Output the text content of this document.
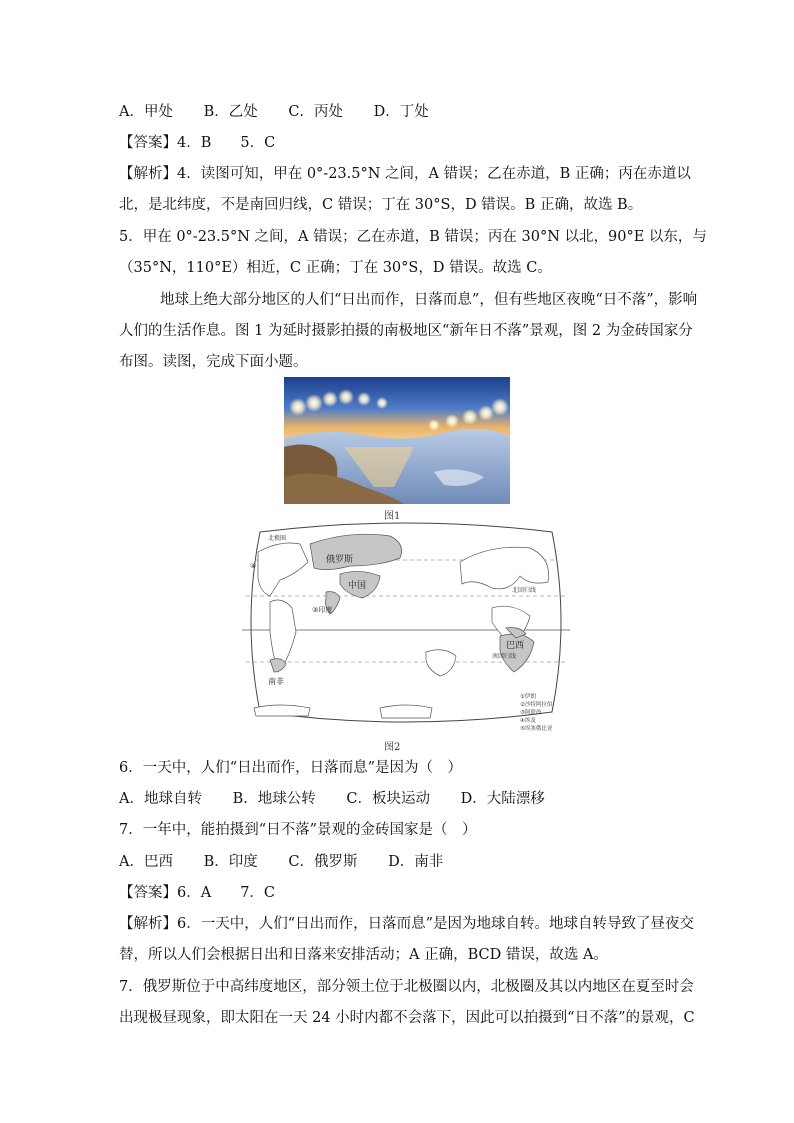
A．甲处 B．乙处 C．丙处 D．丁处
【答案】4．B　　5．C
【解析】4．读图可知，甲在 0°-23.5°N 之间，A 错误；乙在赤道，B 正确；丙在赤道以
北，是北纬度，不是南回归线，C 错误；丁在 30°S，D 错误。B 正确，故选 B。
5．甲在 0°-23.5°N 之间，A 错误；乙在赤道，B 错误；丙在 30°N 以北，90°E 以东，与
（35°N，110°E）相近，C 正确；丁在 30°S，D 错误。故选 C。
地球上绝大部分地区的人们“日出而作，日落而息”，但有些地区夜晚“日不落”，影响
人们的生活作息。图 1 为延时摄影拍摄的南极地区“新年日不落”景观，图 2 为金砖国家分
布图。读图，完成下面小题。
图1
俄罗斯
中国
③印度
巴西
南非
北极圈
北回归线
南回归线
④
①伊朗
②沙特阿拉伯
③阿联酋
④埃及
⑤埃塞俄比亚
图2
6．一天中，人们“日出而作，日落而息”是因为（　）
A．地球自转 B．地球公转 C．板块运动 D．大陆漂移
7．一年中，能拍摄到“日不落”景观的金砖国家是（　）
A．巴西 B．印度 C．俄罗斯 D．南非
【答案】6．A　　7．C
【解析】6．一天中，人们“日出而作，日落而息”是因为地球自转。地球自转导致了昼夜交
替，所以人们会根据日出和日落来安排活动；A 正确，BCD 错误，故选 A。
7．俄罗斯位于中高纬度地区，部分领土位于北极圈以内，北极圈及其以内地区在夏至时会
出现极昼现象，即太阳在一天 24 小时内都不会落下，因此可以拍摄到“日不落”的景观，C
